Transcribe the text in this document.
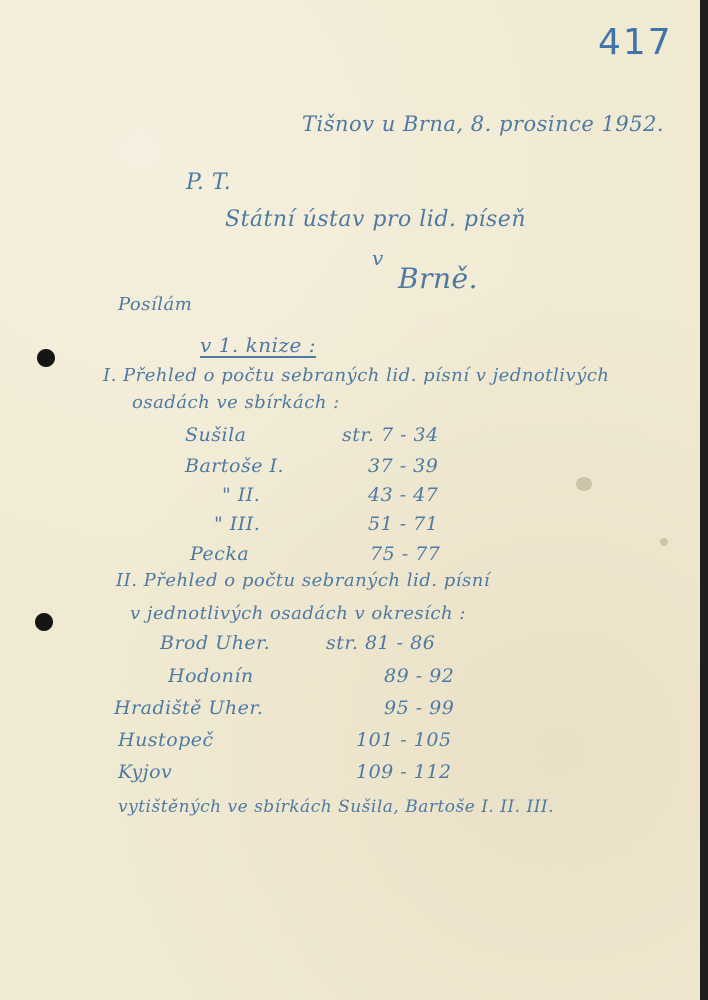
417
Tišnov u Brna, 8. prosince 1952.
P. T.
Státní ústav pro lid. píseň
v
Brně.
Posílám
v 1. knize :
I. Přehled o počtu sebraných lid. písní v jednotlivých
osadách ve sbírkách :
Sušila	str. 7 - 34
Bartoše I.	37 - 39
" II.	43 - 47
" III.	51 - 71
Pecka	75 - 77
II. Přehled o počtu sebraných lid. písní
v jednotlivých osadách v okresích :
Brod Uher.	str. 81 - 86
Hodonín	89 - 92
Hradiště Uher.	95 - 99
Hustopeč	101 - 105
Kyjov	109 - 112
vytištěných ve sbírkách Sušila, Bartoše I. II. III.
